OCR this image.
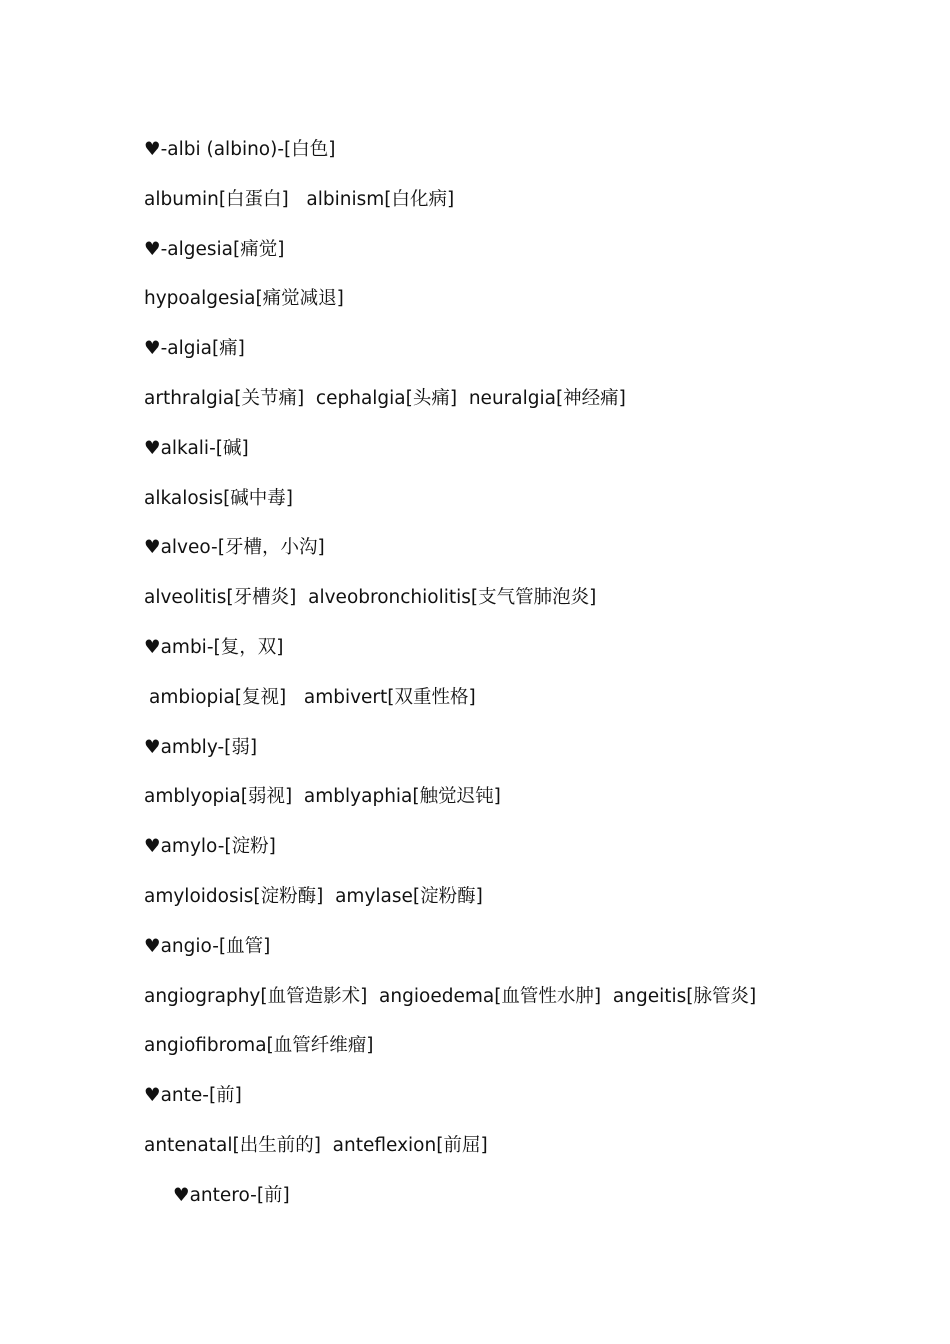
♥-albi (albino)-[白色]
albumin[白蛋白]   albinism[白化病]
♥-algesia[痛觉]
hypoalgesia[痛觉减退]
♥-algia[痛]
arthralgia[关节痛]  cephalgia[头痛]  neuralgia[神经痛]
♥alkali-[碱]
alkalosis[碱中毒]
♥alveo-[牙槽，小沟]
alveolitis[牙槽炎]  alveobronchiolitis[支气管肺泡炎]
♥ambi-[复，双]
ambiopia[复视]   ambivert[双重性格]
♥ambly-[弱]
amblyopia[弱视]  amblyaphia[触觉迟钝]
♥amylo-[淀粉]
amyloidosis[淀粉酶]  amylase[淀粉酶]
♥angio-[血管]
angiography[血管造影术]  angioedema[血管性水肿]  angeitis[脉管炎]
angiofibroma[血管纤维瘤]
♥ante-[前]
antenatal[出生前的]  anteflexion[前屈]
♥antero-[前]
